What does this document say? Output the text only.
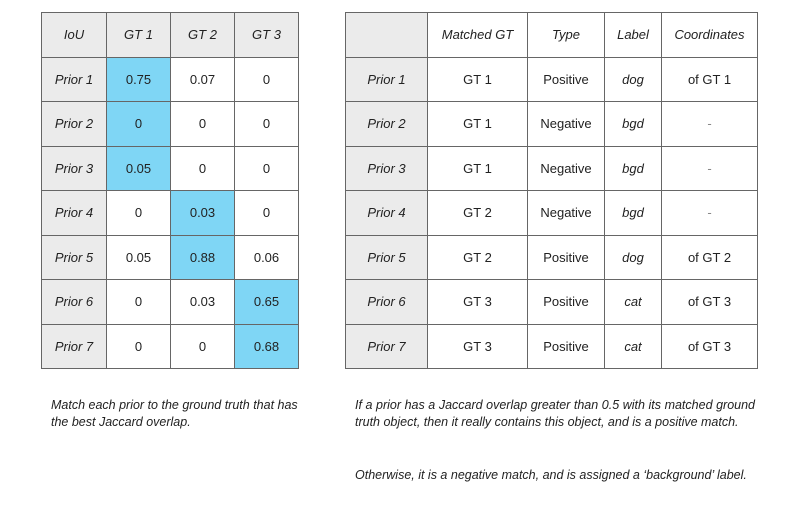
IoU	GT 1	GT 2	GT 3
Prior 1	0.75	0.07	0
Prior 2	0	0	0
Prior 3	0.05	0	0
Prior 4	0	0.03	0
Prior 5	0.05	0.88	0.06
Prior 6	0	0.03	0.65
Prior 7	0	0	0.68
	Matched GT	Type	Label	Coordinates
Prior 1	GT 1	Positive	dog	of GT 1
Prior 2	GT 1	Negative	bgd	-
Prior 3	GT 1	Negative	bgd	-
Prior 4	GT 2	Negative	bgd	-
Prior 5	GT 2	Positive	dog	of GT 2
Prior 6	GT 3	Positive	cat	of GT 3
Prior 7	GT 3	Positive	cat	of GT 3

Match each prior to the ground truth that has the best Jaccard overlap.

If a prior has a Jaccard overlap greater than 0.5 with its matched ground truth object, then it really contains this object, and is a positive match.

Otherwise, it is a negative match, and is assigned a ‘background’ label.
